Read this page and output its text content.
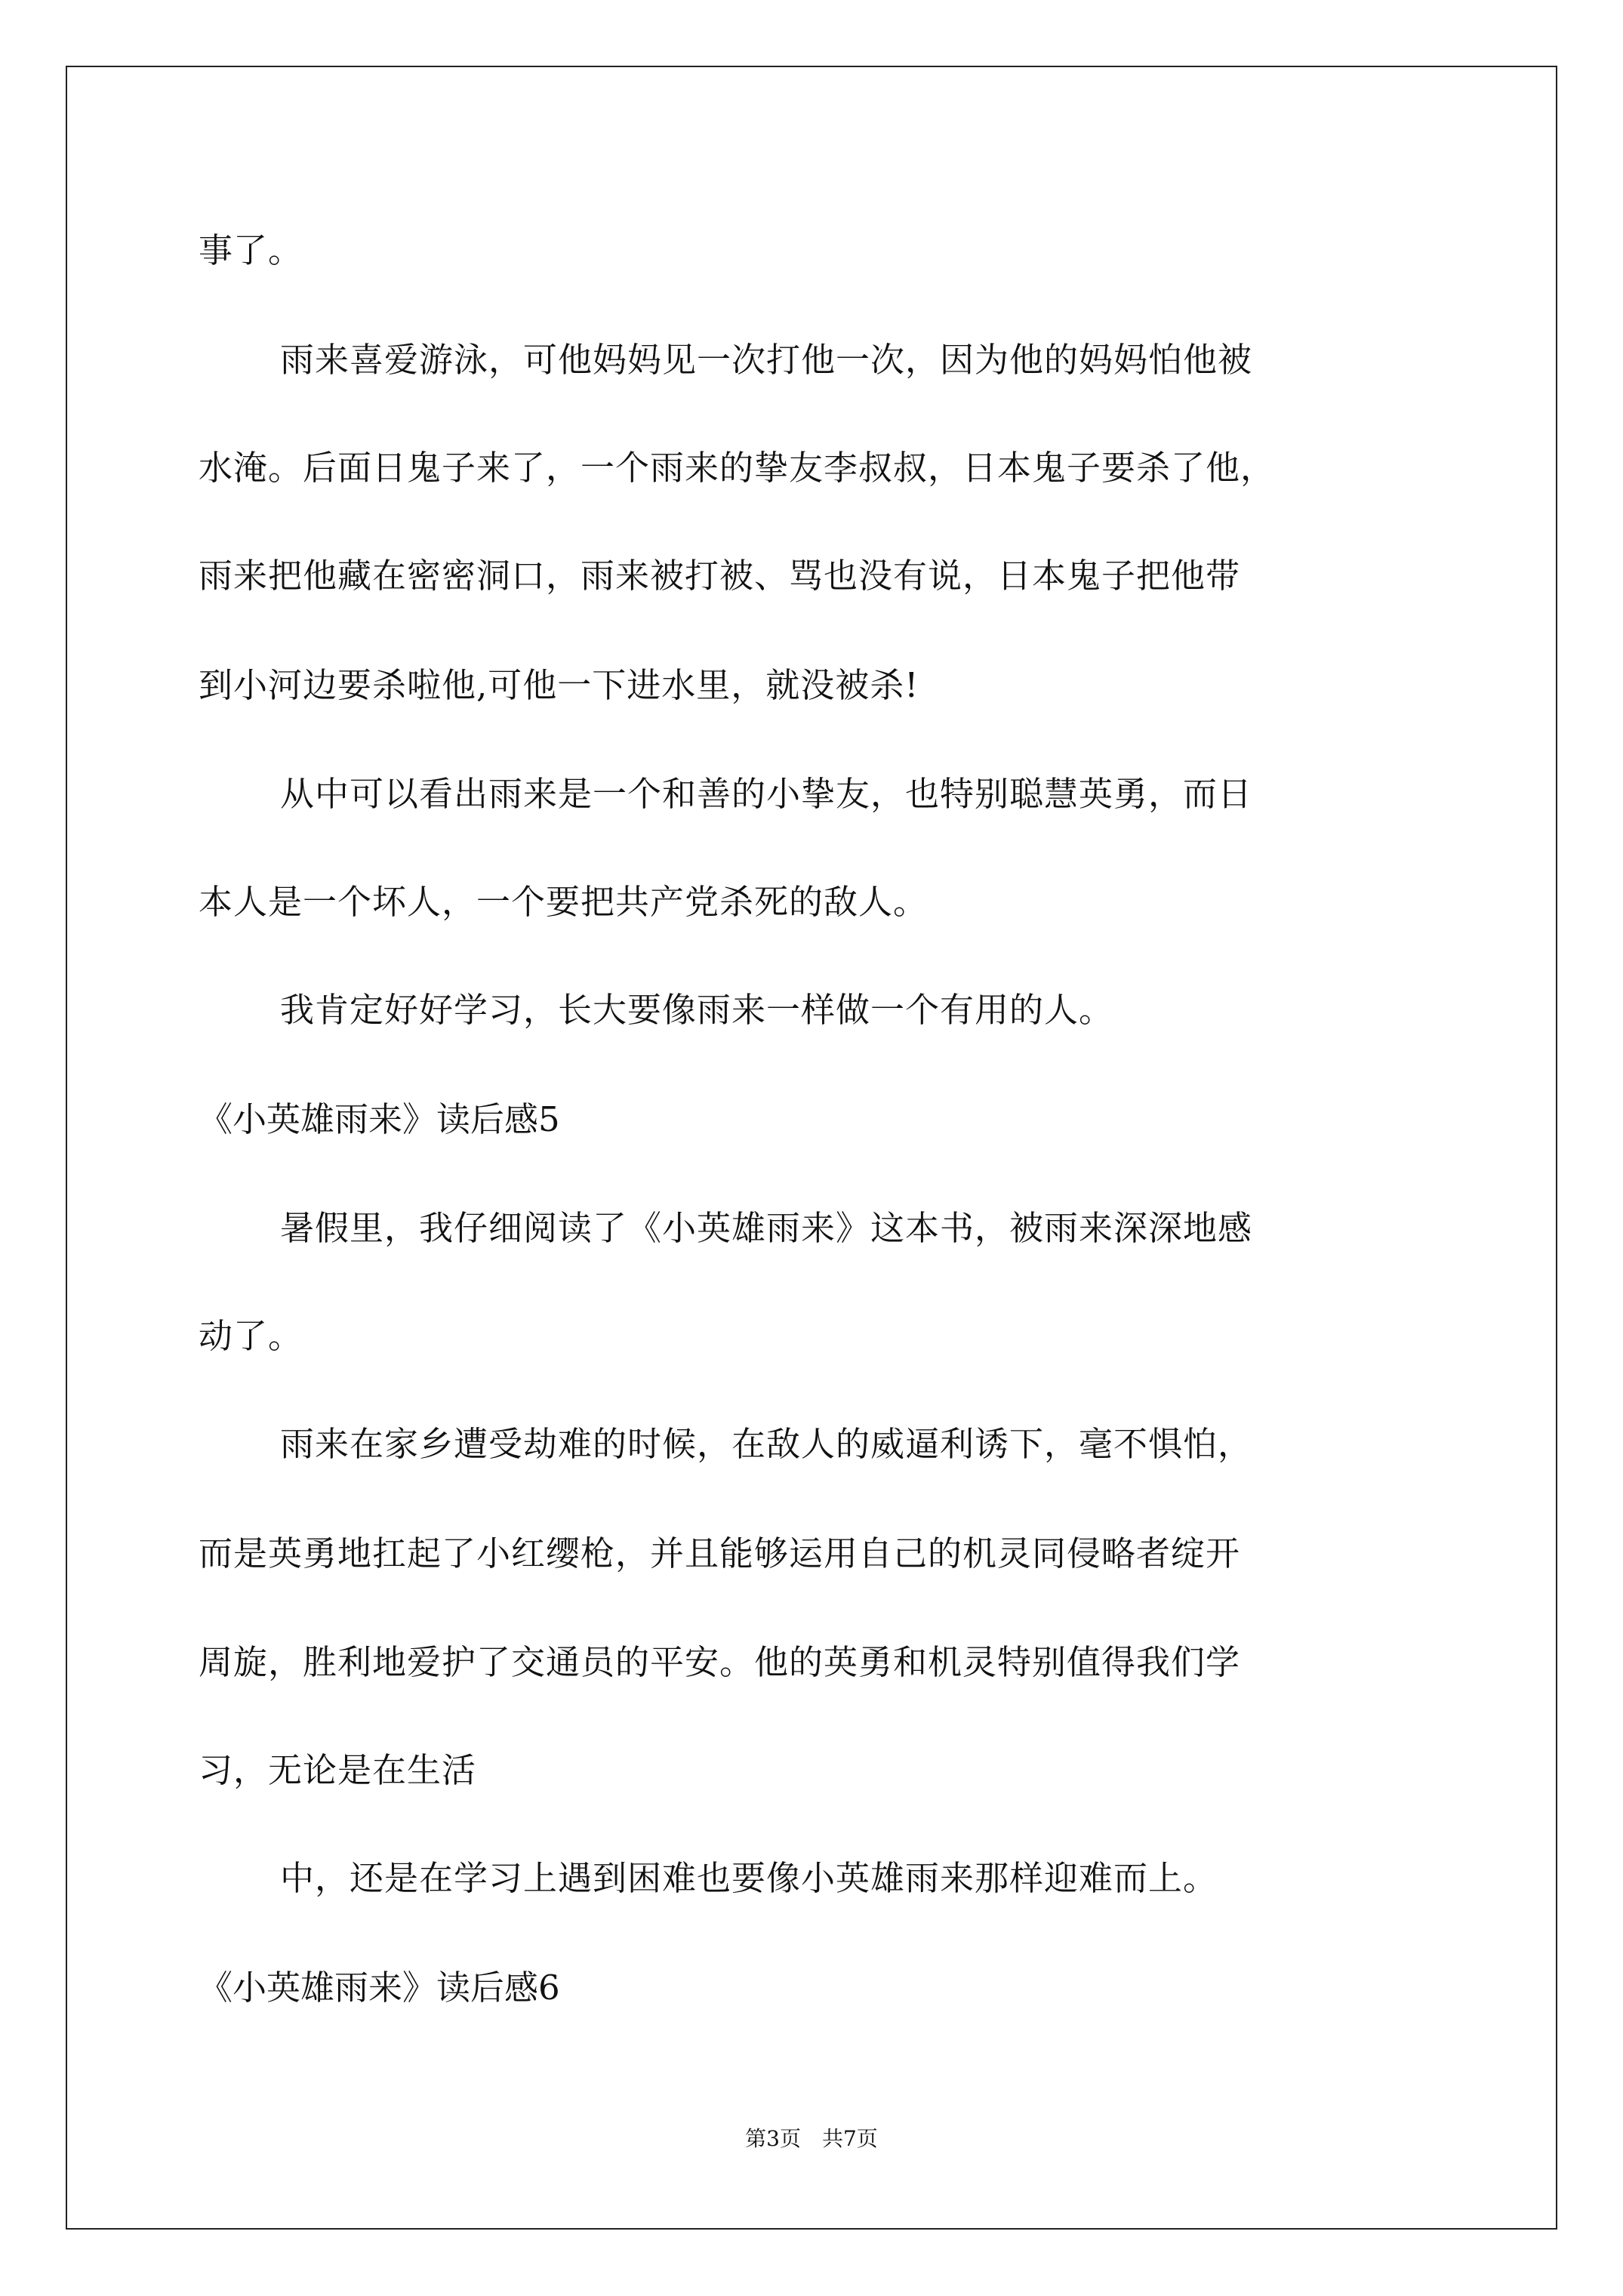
事了。
雨来喜爱游泳，可他妈妈见一次打他一次，因为他的妈妈怕他被
水淹。后面日鬼子来了，一个雨来的挚友李叔叔，日本鬼子要杀了他，
雨来把他藏在密密洞口，雨来被打被、骂也没有说，日本鬼子把他带
到小河边要杀啦他,可他一下进水里，就没被杀!
从中可以看出雨来是一个和善的小挚友，也特别聪慧英勇，而日
本人是一个坏人，一个要把共产党杀死的敌人。
我肯定好好学习，长大要像雨来一样做一个有用的人。
《小英雄雨来》读后感5
暑假里，我仔细阅读了《小英雄雨来》这本书，被雨来深深地感
动了。
雨来在家乡遭受劫难的时候，在敌人的威逼利诱下，毫不惧怕，
而是英勇地扛起了小红缨枪，并且能够运用自己的机灵同侵略者绽开
周旋，胜利地爱护了交通员的平安。他的英勇和机灵特别值得我们学
习，无论是在生活
中，还是在学习上遇到困难也要像小英雄雨来那样迎难而上。
《小英雄雨来》读后感6
第3页　共7页
